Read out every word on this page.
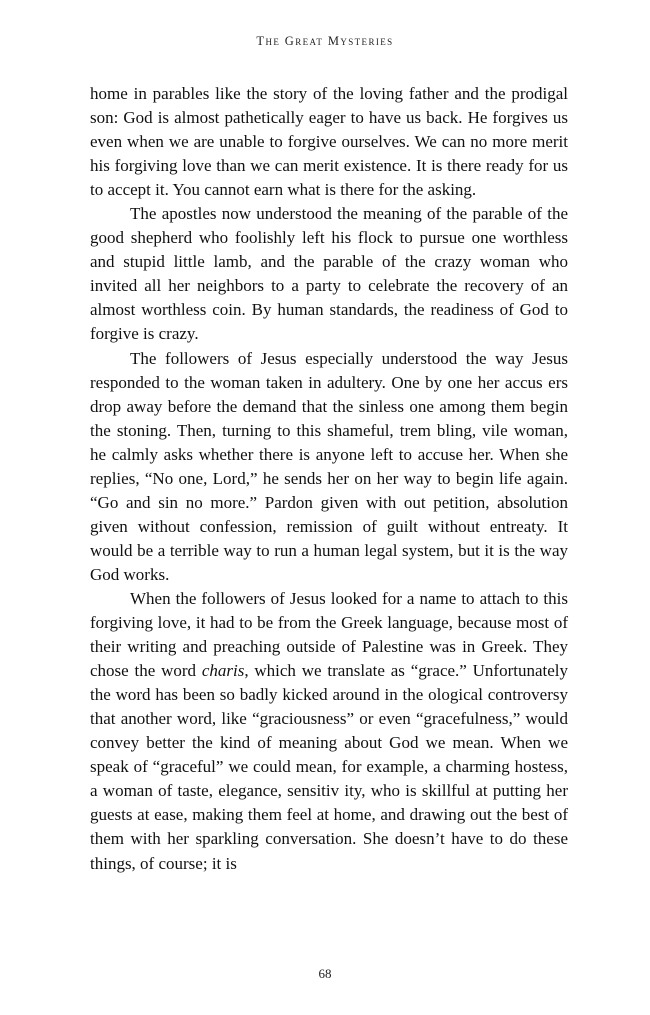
The Great Mysteries

home in parables like the story of the loving father and the prodigal son: God is almost pathetically eager to have us back. He forgives us even when we are unable to forgive ourselves. We can no more merit his forgiving love than we can merit existence. It is there ready for us to accept it. You cannot earn what is there for the asking.

The apostles now understood the meaning of the parable of the good shepherd who foolishly left his flock to pursue one worthless and stupid little lamb, and the parable of the crazy woman who invited all her neighbors to a party to celebrate the recovery of an almost worthless coin. By human standards, the readiness of God to forgive is crazy.

The followers of Jesus especially understood the way Jesus responded to the woman taken in adultery. One by one her accus ers drop away before the demand that the sinless one among them begin the stoning. Then, turning to this shameful, trem bling, vile woman, he calmly asks whether there is anyone left to accuse her. When she replies, “No one, Lord,” he sends her on her way to begin life again. “Go and sin no more.” Pardon given with out petition, absolution given without confession, remission of guilt without entreaty. It would be a terrible way to run a human legal system, but it is the way God works.

When the followers of Jesus looked for a name to attach to this forgiving love, it had to be from the Greek language, because most of their writing and preaching outside of Palestine was in Greek. They chose the word charis, which we translate as “grace.” Unfortunately the word has been so badly kicked around in the ological controversy that another word, like “graciousness” or even “gracefulness,” would convey better the kind of meaning about God we mean. When we speak of “graceful” we could mean, for example, a charming hostess, a woman of taste, elegance, sensitiv ity, who is skillful at putting her guests at ease, making them feel at home, and drawing out the best of them with her sparkling conversation. She doesn’t have to do these things, of course; it is

68
